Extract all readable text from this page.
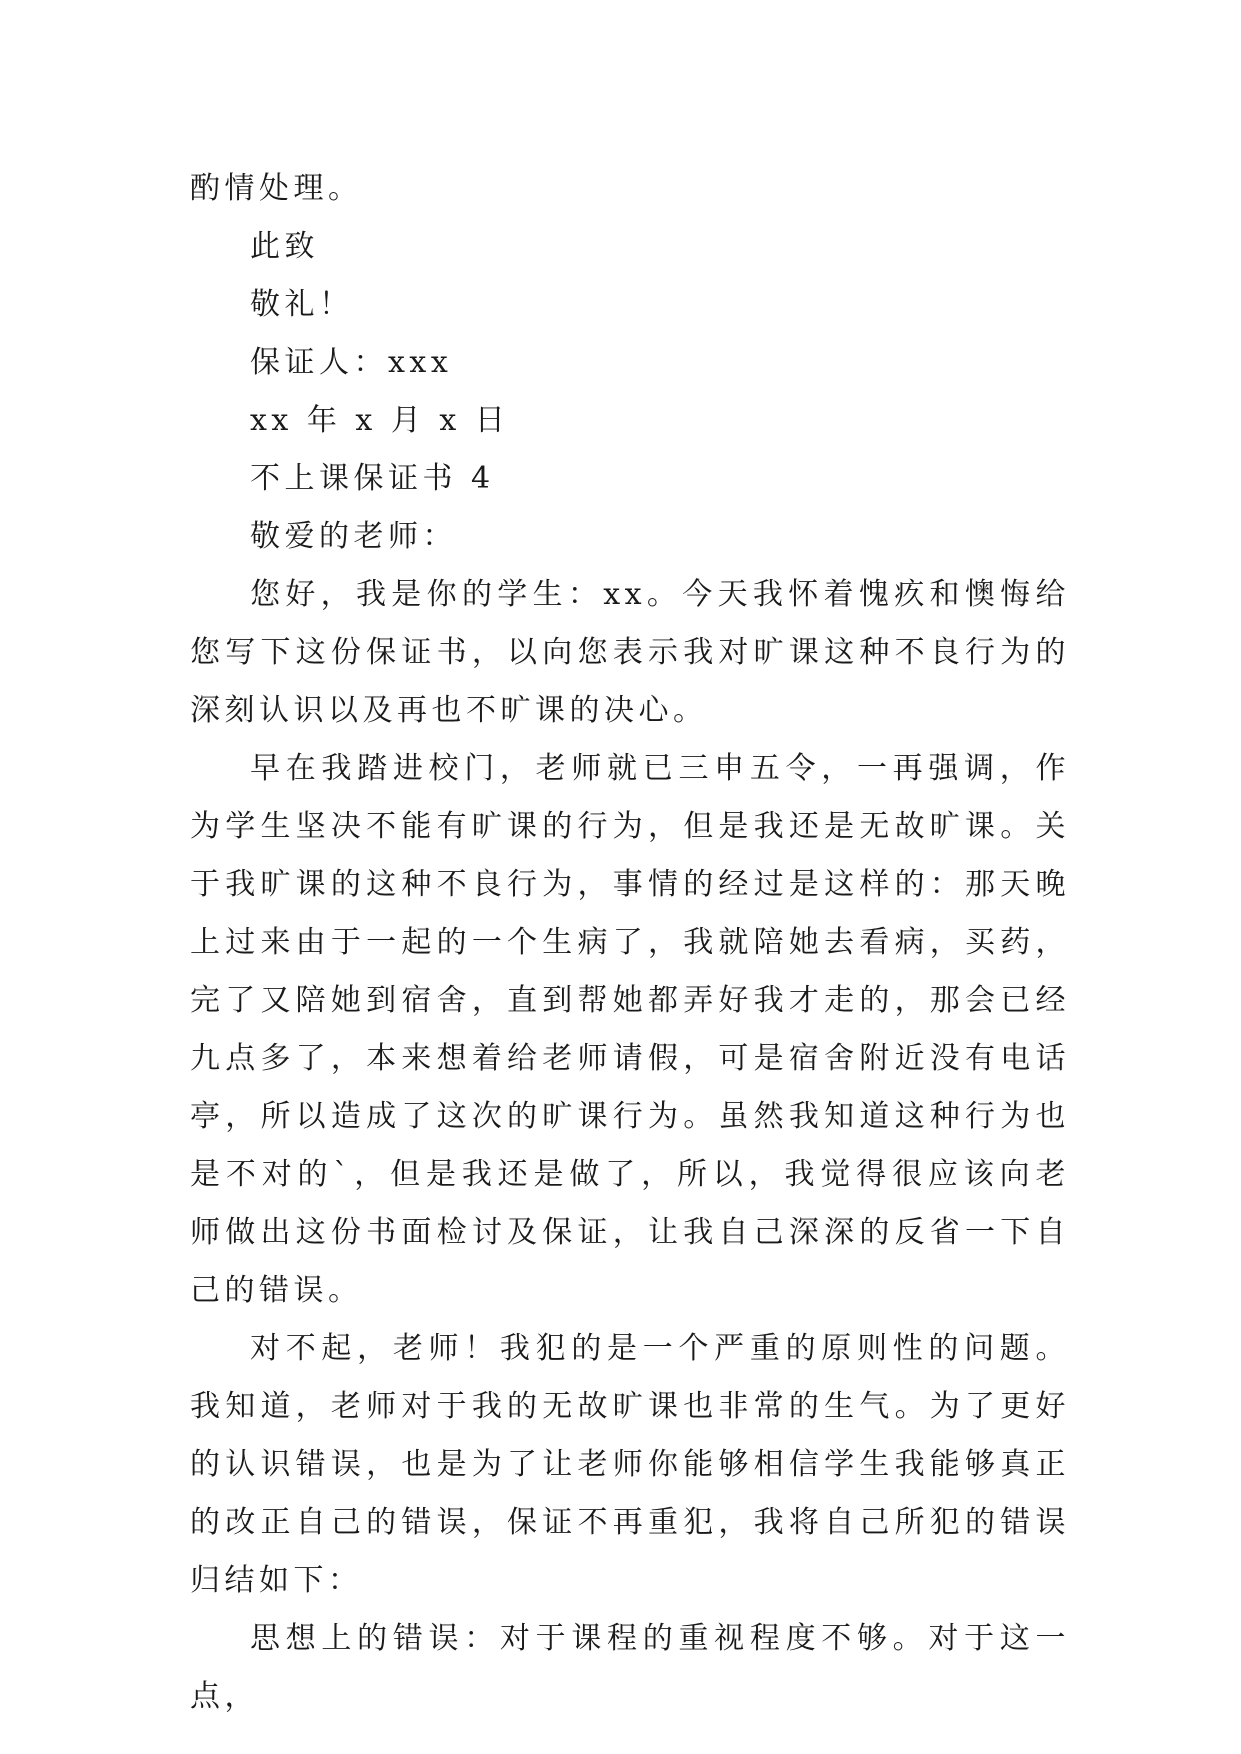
酌情处理。

此致

敬礼！

保证人：xxx

xx 年 x 月 x 日

不上课保证书 4

敬爱的老师：

您好，我是你的学生：xx。今天我怀着愧疚和懊悔给您写下这份保证书，以向您表示我对旷课这种不良行为的深刻认识以及再也不旷课的决心。

早在我踏进校门，老师就已三申五令，一再强调，作为学生坚决不能有旷课的行为，但是我还是无故旷课。关于我旷课的这种不良行为，事情的经过是这样的：那天晚上过来由于一起的一个生病了，我就陪她去看病，买药，完了又陪她到宿舍，直到帮她都弄好我才走的，那会已经九点多了，本来想着给老师请假，可是宿舍附近没有电话亭，所以造成了这次的旷课行为。虽然我知道这种行为也是不对的`，但是我还是做了，所以，我觉得很应该向老师做出这份书面检讨及保证，让我自己深深的反省一下自己的错误。

对不起，老师！我犯的是一个严重的原则性的问题。我知道，老师对于我的无故旷课也非常的生气。为了更好的认识错误，也是为了让老师你能够相信学生我能够真正的改正自己的错误，保证不再重犯，我将自己所犯的错误归结如下：

思想上的错误：对于课程的重视程度不够。对于这一点，
